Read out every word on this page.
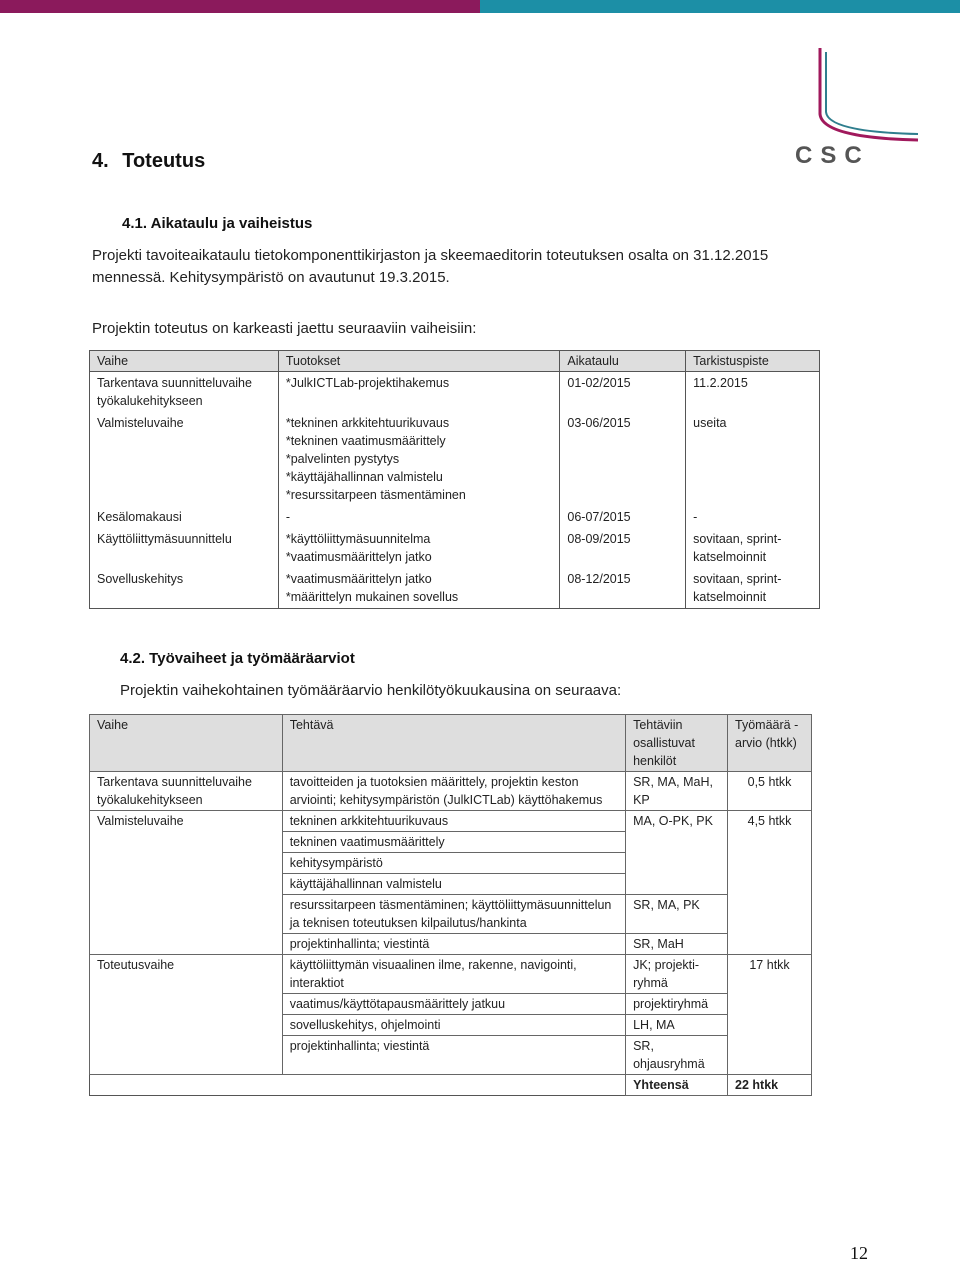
CSC
4. Toteutus
4.1. Aikataulu ja vaiheistus
Projekti tavoiteaikataulu tietokomponenttikirjaston ja skeemaeditorin toteutuksen osalta on 31.12.2015
mennessä. Kehitysympäristö on avautunut 19.3.2015.
Projektin toteutus on karkeasti jaettu seuraaviin vaiheisiin:
Vaihe	Tuotokset	Aikataulu	Tarkistuspiste
Tarkentava suunnitteluvaihe työkalukehitykseen	*JulkICTLab-projektihakemus	01-02/2015	11.2.2015
Valmisteluvaihe	*tekninen arkkitehtuurikuvaus
*tekninen vaatimusmäärittely
*palvelinten pystytys
*käyttäjähallinnan valmistelu
*resurssitarpeen täsmentäminen	03-06/2015	useita
Kesälomakausi	-	06-07/2015	-
Käyttöliittymäsuunnittelu	*käyttöliittymäsuunnitelma
*vaatimusmäärittelyn jatko	08-09/2015	sovitaan, sprint-katselmoinnit
Sovelluskehitys	*vaatimusmäärittelyn jatko
*määrittelyn mukainen sovellus	08-12/2015	sovitaan, sprint-katselmoinnit
4.2. Työvaiheet ja työmääräarviot
Projektin vaihekohtainen työmääräarvio henkilötyökuukausina on seuraava:
Vaihe	Tehtävä	Tehtäviin osallistuvat henkilöt	Työmäärä -arvio (htkk)
Tarkentava suunnitteluvaihe työkalukehitykseen	tavoitteiden ja tuotoksien määrittely, projektin keston arviointi; kehitysympäristön (JulkICTLab) käyttöhakemus	SR, MA, MaH, KP	0,5 htkk
Valmisteluvaihe	tekninen arkkitehtuurikuvaus	MA, O-PK, PK	4,5 htkk
	tekninen vaatimusmäärittely		
	kehitysympäristö		
	käyttäjähallinnan valmistelu		
	resurssitarpeen täsmentäminen; käyttöliittymäsuunnittelun ja teknisen toteutuksen kilpailutus/hankinta	SR, MA, PK	
	projektinhallinta; viestintä	SR, MaH	
Toteutusvaihe	käyttöliittymän visuaalinen ilme, rakenne, navigointi, interaktiot	JK; projekti-ryhmä	17 htkk
	vaatimus/käyttötapausmäärittely jatkuu	projektiryhmä	
	sovelluskehitys, ohjelmointi	LH, MA	
	projektinhallinta; viestintä	SR, ohjausryhmä	
		Yhteensä	22 htkk
12
